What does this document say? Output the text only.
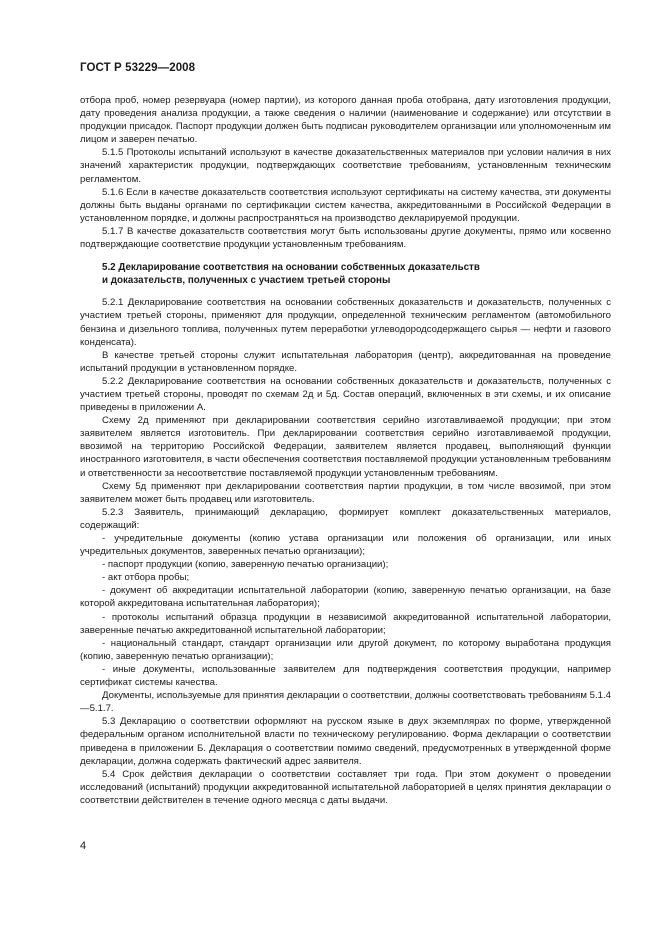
ГОСТ Р 53229—2008

отбора проб, номер резервуара (номер партии), из которого данная проба отобрана, дату изготовления продукции, дату проведения анализа продукции, а также сведения о наличии (наименование и содержание) или отсутствии в продукции присадок. Паспорт продукции должен быть подписан руководителем организации или уполномоченным им лицом и заверен печатью.

5.1.5 Протоколы испытаний используют в качестве доказательственных материалов при условии наличия в них значений характеристик продукции, подтверждающих соответствие требованиям, установленным техническим регламентом.

5.1.6 Если в качестве доказательств соответствия используют сертификаты на систему качества, эти документы должны быть выданы органами по сертификации систем качества, аккредитованными в Российской Федерации в установленном порядке, и должны распространяться на производство декларируемой продукции.

5.1.7 В качестве доказательств соответствия могут быть использованы другие документы, прямо или косвенно подтверждающие соответствие продукции установленным требованиям.

5.2 Декларирование соответствия на основании собственных доказательств
и доказательств, полученных с участием третьей стороны

5.2.1 Декларирование соответствия на основании собственных доказательств и доказательств, полученных с участием третьей стороны, применяют для продукции, определенной техническим регламентом (автомобильного бензина и дизельного топлива, полученных путем переработки углеводородсодержащего сырья — нефти и газового конденсата).

В качестве третьей стороны служит испытательная лаборатория (центр), аккредитованная на проведение испытаний продукции в установленном порядке.

5.2.2 Декларирование соответствия на основании собственных доказательств и доказательств, полученных с участием третьей стороны, проводят по схемам 2д и 5д. Состав операций, включенных в эти схемы, и их описание приведены в приложении А.

Схему 2д применяют при декларировании соответствия серийно изготавливаемой продукции; при этом заявителем является изготовитель. При декларировании соответствия серийно изготавливаемой продукции, ввозимой на территорию Российской Федерации, заявителем является продавец, выполняющий функции иностранного изготовителя, в части обеспечения соответствия поставляемой продукции установленным требованиям и ответственности за несоответствие поставляемой продукции установленным требованиям.

Схему 5д применяют при декларировании соответствия партии продукции, в том числе ввозимой, при этом заявителем может быть продавец или изготовитель.

5.2.3 Заявитель, принимающий декларацию, формирует комплект доказательственных материалов, содержащий:

- учредительные документы (копию устава организации или положения об организации, или иных учредительных документов, заверенных печатью организации);

- паспорт продукции (копию, заверенную печатью организации);

- акт отбора пробы;

- документ об аккредитации испытательной лаборатории (копию, заверенную печатью организации, на базе которой аккредитована испытательная лаборатория);

- протоколы испытаний образца продукции в независимой аккредитованной испытательной лаборатории, заверенные печатью аккредитованной испытательной лаборатории;

- национальный стандарт, стандарт организации или другой документ, по которому выработана продукция (копию, заверенную печатью организации);

- иные документы, использованные заявителем для подтверждения соответствия продукции, например сертификат системы качества.

Документы, используемые для принятия декларации о соответствии, должны соответствовать требованиям 5.1.4—5.1.7.

5.3 Декларацию о соответствии оформляют на русском языке в двух экземплярах по форме, утвержденной федеральным органом исполнительной власти по техническому регулированию. Форма декларации о соответствии приведена в приложении Б. Декларация о соответствии помимо сведений, предусмотренных в утвержденной форме декларации, должна содержать фактический адрес заявителя.

5.4 Срок действия декларации о соответствии составляет три года. При этом документ о проведении исследований (испытаний) продукции аккредитованной испытательной лабораторией в целях принятия декларации о соответствии действителен в течение одного месяца с даты выдачи.

4
